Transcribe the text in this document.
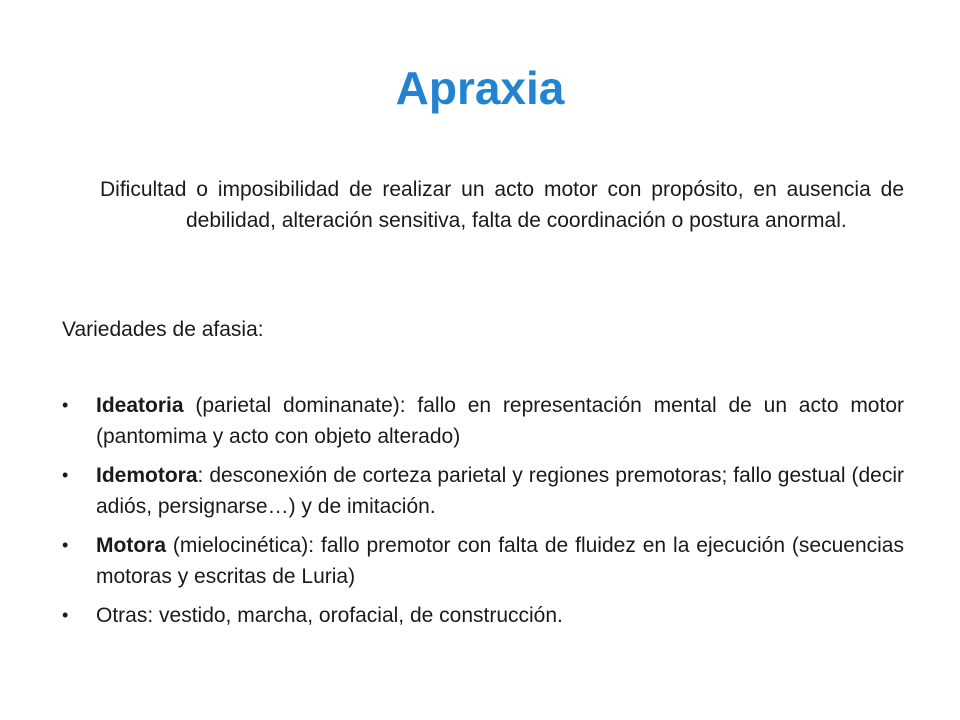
Apraxia
Dificultad o imposibilidad de realizar un acto motor con propósito, en ausencia dedebilidad, alteración sensitiva, falta de coordinación o postura anormal.
Variedades de afasia:
• Ideatoria (parietal dominanate): fallo en representación mental de un acto motor (pantomima y acto con objeto alterado)
• Idemotora: desconexión de corteza parietal y regiones premotoras; fallo gestual (decir adiós, persignarse…) y de imitación.
• Motora (mielocinética): fallo premotor con falta de fluidez en la ejecución (secuencias motoras y escritas de Luria)
• Otras: vestido, marcha, orofacial, de construcción.
